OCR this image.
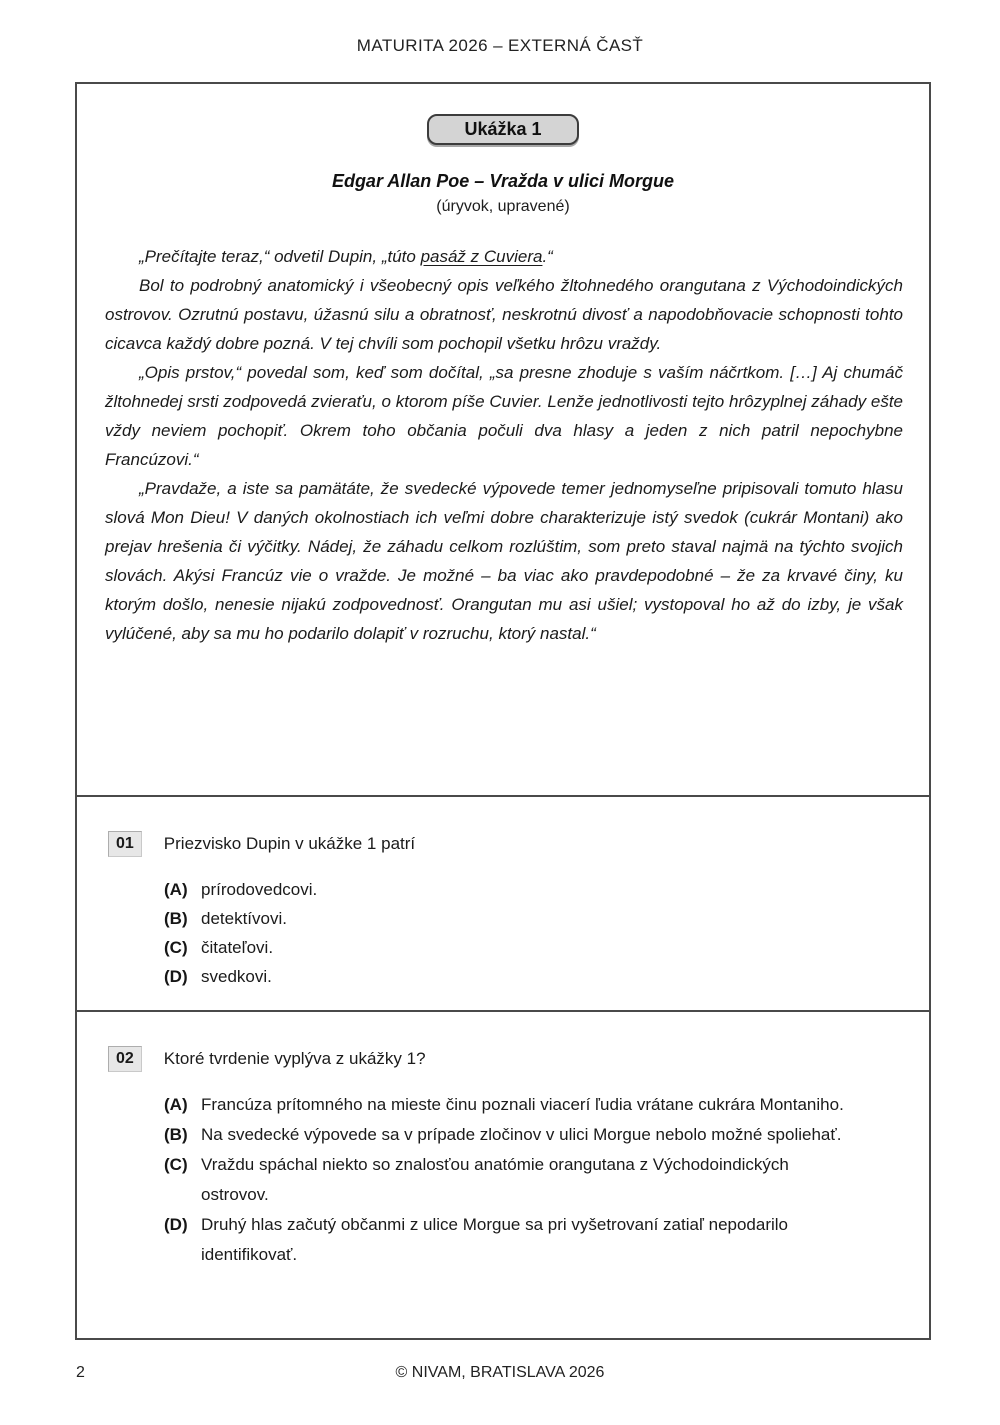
MATURITA 2026 – EXTERNÁ ČASŤ
Ukážka 1
Edgar Allan Poe – Vražda v ulici Morgue
(úryvok, upravené)

„Prečítajte teraz,“ odvetil Dupin, „túto pasáž z Cuviera.“

Bol to podrobný anatomický i všeobecný opis veľkého žltohnedého orangutana z Východoindických ostrovov. Ozrutnú postavu, úžasnú silu a obratnosť, neskrotnú divosť a napodobňovacie schopnosti tohto cicavca každý dobre pozná. V tej chvíli som pochopil všetku hrôzu vraždy.

„Opis prstov,“ povedal som, keď som dočítal, „sa presne zhoduje s vaším náčrtkom. […] Aj chumáč žltohnedej srsti zodpovedá zvieraťu, o ktorom píše Cuvier. Lenže jednotlivosti tejto hrôzyplnej záhady ešte vždy neviem pochopiť. Okrem toho občania počuli dva hlasy a jeden z nich patril nepochybne Francúzovi.“

„Pravdaže, a iste sa pamätáte, že svedecké výpovede temer jednomyseľne pripisovali tomuto hlasu slová Mon Dieu! V daných okolnostiach ich veľmi dobre charakterizuje istý svedok (cukrár Montani) ako prejav hrešenia či výčitky. Nádej, že záhadu celkom rozlúštim, som preto staval najmä na týchto svojich slovách. Akýsi Francúz vie o vražde. Je možné – ba viac ako pravdepodobné – že za krvavé činy, ku ktorým došlo, nenesie nijakú zodpovednosť. Orangutan mu asi ušiel; vystopoval ho až do izby, je však vylúčené, aby sa mu ho podarilo dolapiť v rozruchu, ktorý nastal.“

01	Priezvisko Dupin v ukážke 1 patrí
(A) prírodovedcovi.
(B) detektívovi.
(C) čitateľovi.
(D) svedkovi.
02	Ktoré tvrdenie vyplýva z ukážky 1?
(A) Francúza prítomného na mieste činu poznali viacerí ľudia vrátane cukrára Montaniho.
(B) Na svedecké výpovede sa v prípade zločinov v ulici Morgue nebolo možné spoliehať.
(C) Vraždu spáchal niekto so znalosťou anatómie orangutana z Východoindických ostrovov.
(D) Druhý hlas začutý občanmi z ulice Morgue sa pri vyšetrovaní zatiaľ nepodarilo identifikovať.
2	© NIVAM, BRATISLAVA 2026
